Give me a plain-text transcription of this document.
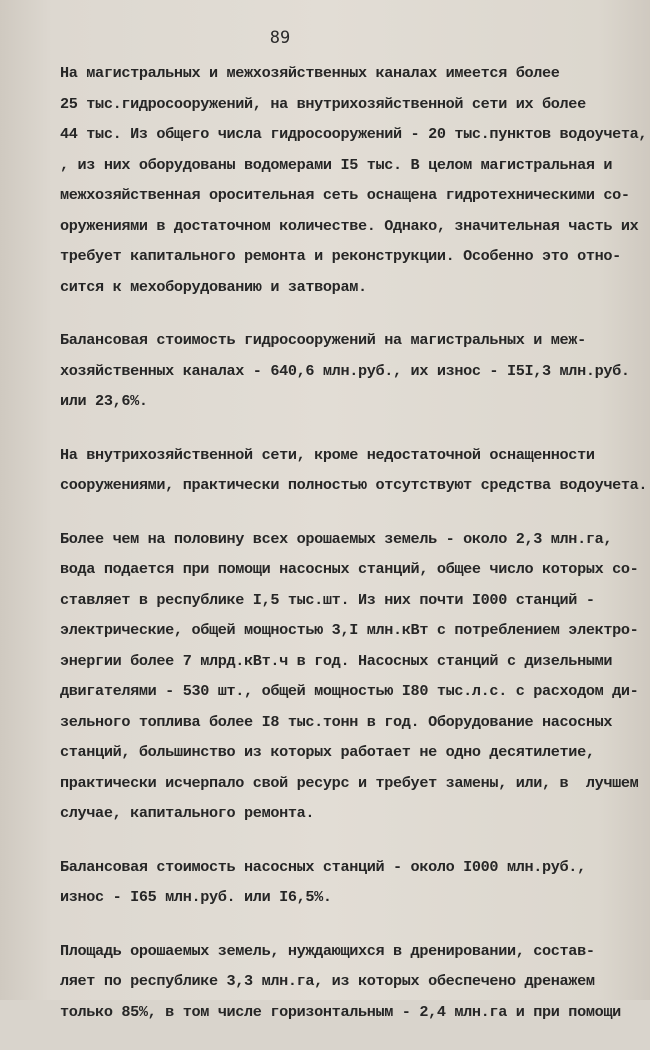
89
На магистральных и межхозяйственных каналах имеется более
25 тыс.гидросооружений, на внутрихозяйственной сети их более
44 тыс. Из общего числа гидросооружений - 20 тыс.пунктов водоучета,
, из них оборудованы водомерами I5 тыс. В целом магистральная и
межхозяйственная оросительная сеть оснащена гидротехническими со-
оружениями в достаточном количестве. Однако, значительная часть их
требует капитального ремонта и реконструкции. Особенно это отно-
сится к мехоборудованию и затворам.
Балансовая стоимость гидросооружений на магистральных и меж-
хозяйственных каналах - 640,6 млн.руб., их износ - I5I,3 млн.руб.
или 23,6%.
На внутрихозяйственной сети, кроме недостаточной оснащенности
сооружениями, практически полностью отсутствуют средства водоучета.
Более чем на половину всех орошаемых земель - около 2,3 млн.га,
вода подается при помощи насосных станций, общее число которых со-
ставляет в республике I,5 тыс.шт. Из них почти I000 станций -
электрические, общей мощностью 3,I млн.кВт с потреблением электро-
энергии более 7 млрд.кВт.ч в год. Насосных станций с дизельными
двигателями - 530 шт., общей мощностью I80 тыс.л.с. с расходом ди-
зельного топлива более I8 тыс.тонн в год. Оборудование насосных
станций, большинство из которых работает не одно десятилетие,
практически исчерпало свой ресурс и требует замены, или, в  лучшем
случае, капитального ремонта.
Балансовая стоимость насосных станций - около I000 млн.руб.,
износ - I65 млн.руб. или I6,5%.
Площадь орошаемых земель, нуждающихся в дренировании, состав-
ляет по республике 3,3 млн.га, из которых обеспечено дренажем
только 85%, в том числе горизонтальным - 2,4 млн.га и при помощи
